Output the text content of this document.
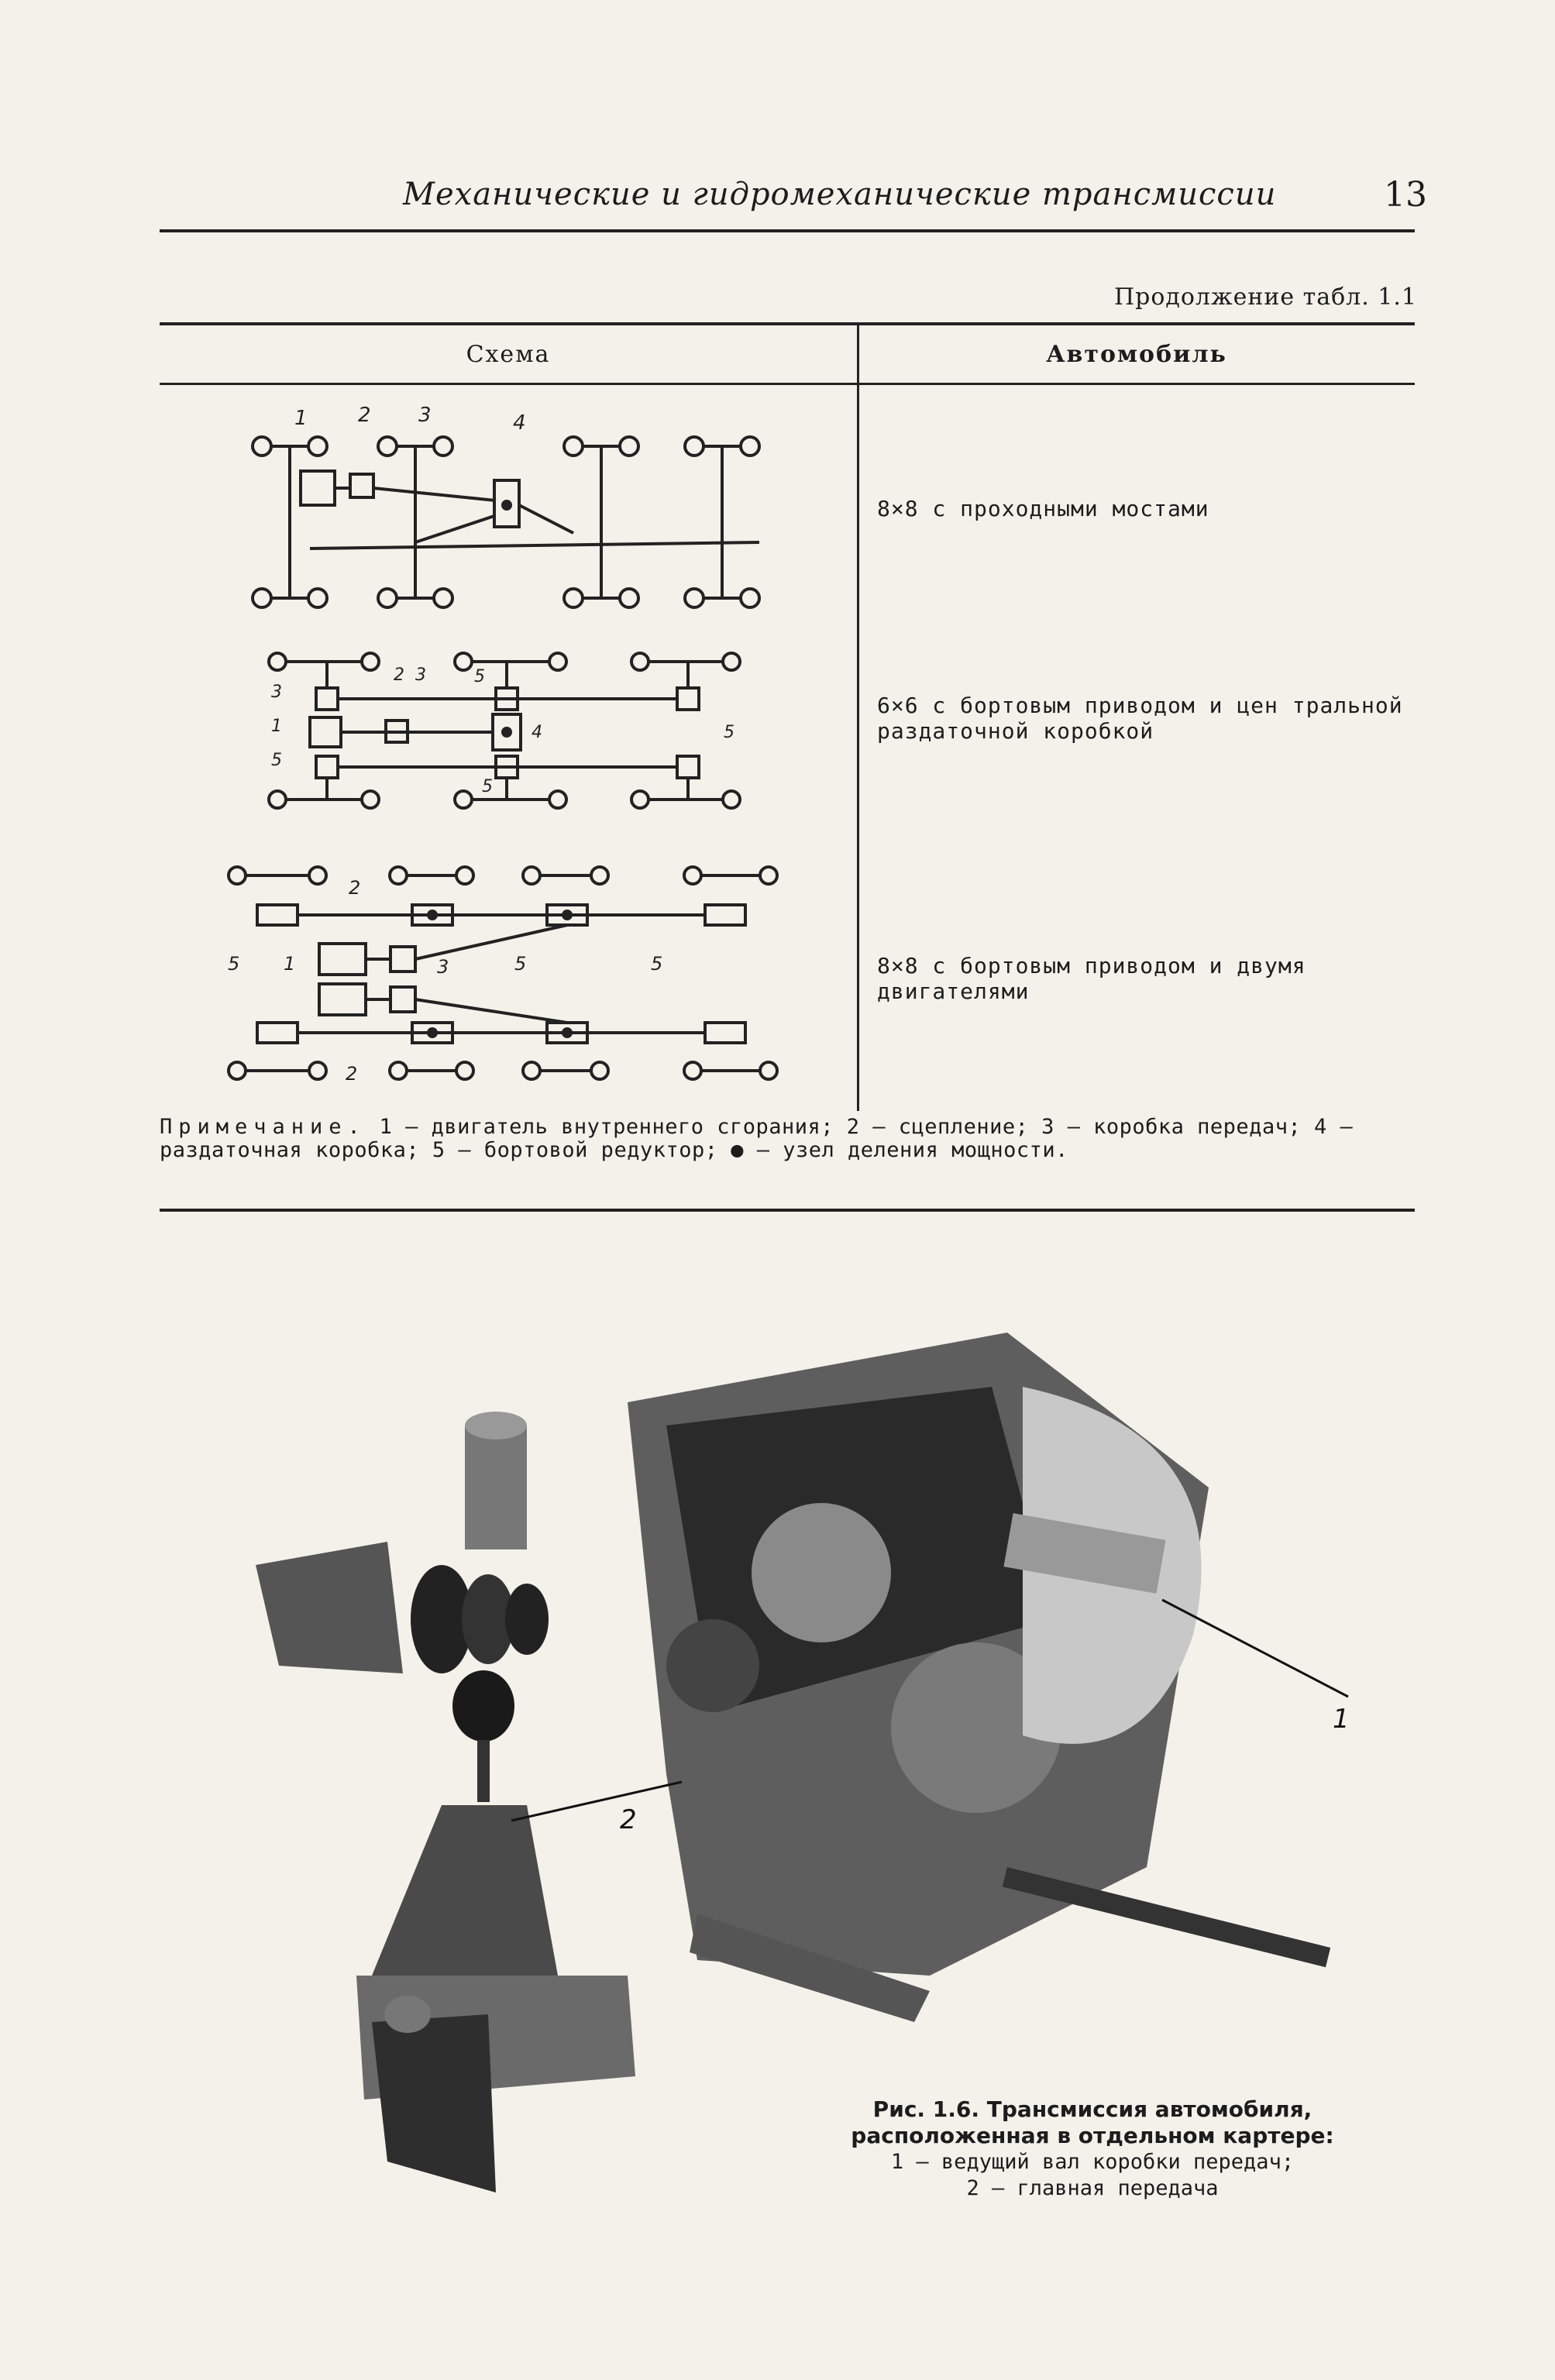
Механические и гидромеханические трансмиссии	13
Продолжение табл. 1.1
Схема	Автомобиль
1	2 3	4
8×8 с проходными мостами
3
1
5
2 3	5
4	5
5
6×6 с бортовым приводом и цен тральной раздаточной коробкой
2
5 1	3	5	5
2
8×8 с бортовым приводом и двумя двигателями
Примечание. 1 — двигатель внутреннего сгорания; 2 — сцепление; 3 — коробка передач; 4 — раздаточная коробка; 5 — бортовой редуктор; ● — узел деления мощности.
1
2
Рис. 1.6. Трансмиссия автомобиля, расположенная в отдельном картере:
1 — ведущий вал коробки передач;
2 — главная передача
